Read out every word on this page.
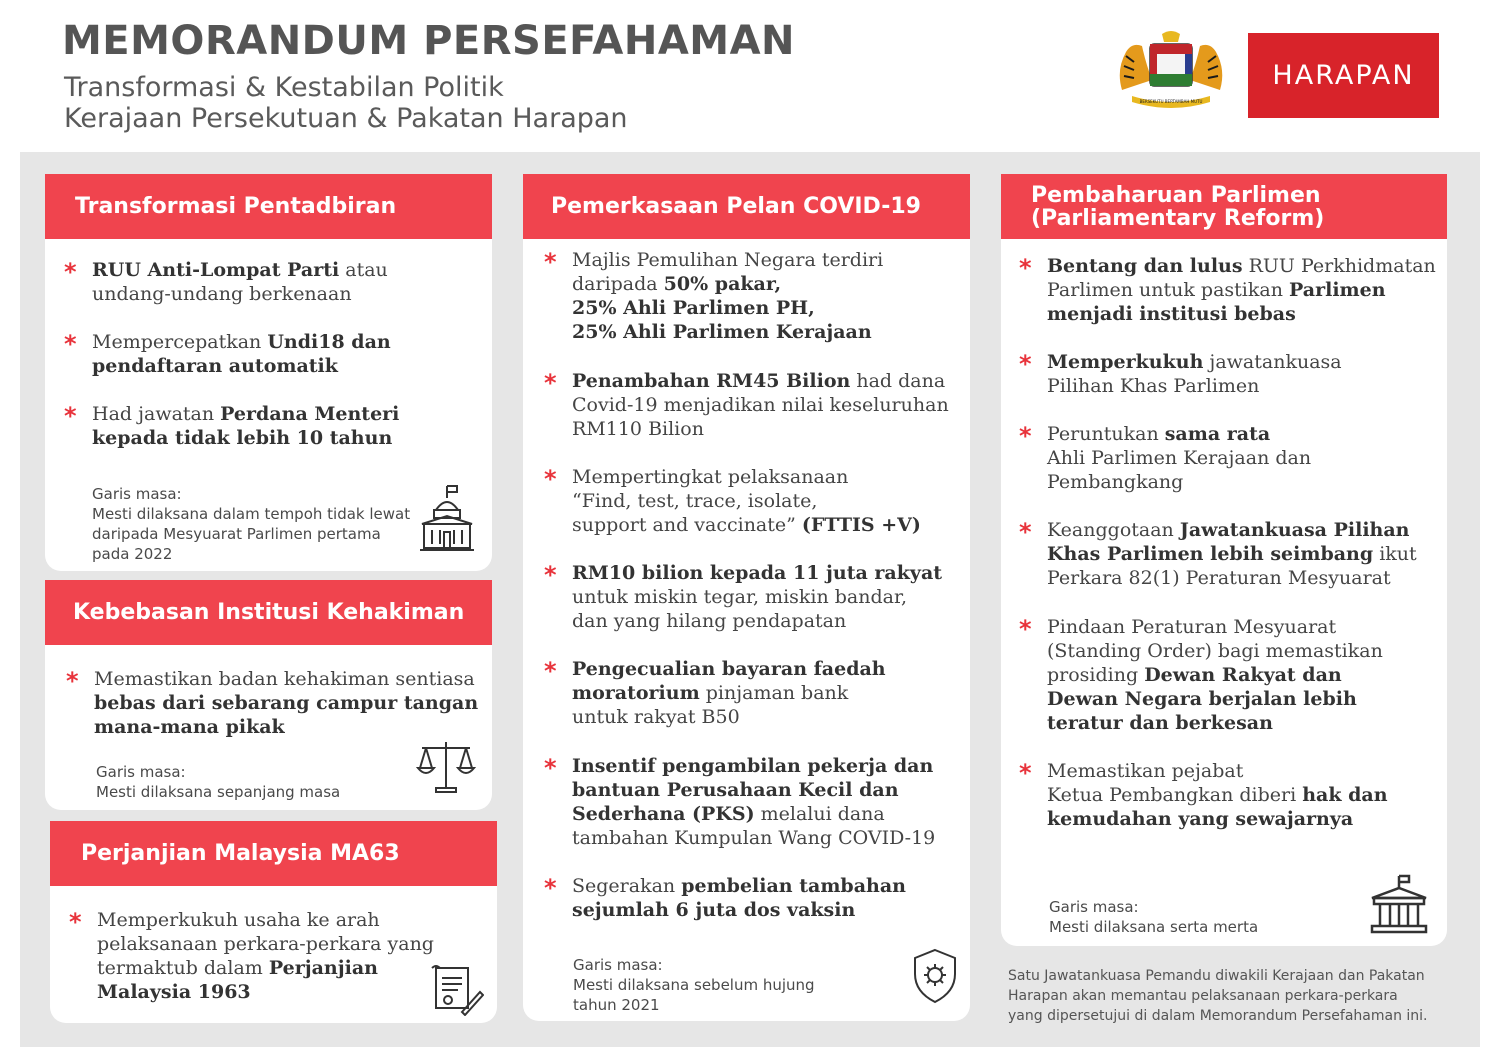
MEMORANDUM PERSEFAHAMAN
Transformasi & Kestabilan Politik
Kerajaan Persekutuan & Pakatan Harapan
BERSEKUTU BERTAMBAH MUTU
HARAPAN
Transformasi Pentadbiran
* RUU Anti-Lompat Parti atau
undang-undang berkenaan
* Mempercepatkan Undi18 dan
pendaftaran automatik
* Had jawatan Perdana Menteri
kepada tidak lebih 10 tahun
Garis masa:
Mesti dilaksana dalam tempoh tidak lewat
daripada Mesyuarat Parlimen pertama
pada 2022
Kebebasan Institusi Kehakiman
* Memastikan badan kehakiman sentiasa
bebas dari sebarang campur tangan
mana-mana pikak
Garis masa:
Mesti dilaksana sepanjang masa
Perjanjian Malaysia MA63
* Memperkukuh usaha ke arah
pelaksanaan perkara-perkara yang
termaktub dalam Perjanjian
Malaysia 1963
Pemerkasaan Pelan COVID-19
* Majlis Pemulihan Negara terdiri
daripada 50% pakar,
25% Ahli Parlimen PH,
25% Ahli Parlimen Kerajaan
* Penambahan RM45 Bilion had dana
Covid-19 menjadikan nilai keseluruhan
RM110 Bilion
* Mempertingkat pelaksanaan
“Find, test, trace, isolate,
support and vaccinate” (FTTIS +V)
* RM10 bilion kepada 11 juta rakyat
untuk miskin tegar, miskin bandar,
dan yang hilang pendapatan
* Pengecualian bayaran faedah
moratorium pinjaman bank
untuk rakyat B50
* Insentif pengambilan pekerja dan
bantuan Perusahaan Kecil dan
Sederhana (PKS) melalui dana
tambahan Kumpulan Wang COVID-19
* Segerakan pembelian tambahan
sejumlah 6 juta dos vaksin
Garis masa:
Mesti dilaksana sebelum hujung
tahun 2021
Pembaharuan Parlimen
(Parliamentary Reform)
* Bentang dan lulus RUU Perkhidmatan
Parlimen untuk pastikan Parlimen
menjadi institusi bebas
* Memperkukuh jawatankuasa
Pilihan Khas Parlimen
* Peruntukan sama rata
Ahli Parlimen Kerajaan dan
Pembangkang
* Keanggotaan Jawatankuasa Pilihan
Khas Parlimen lebih seimbang ikut
Perkara 82(1) Peraturan Mesyuarat
* Pindaan Peraturan Mesyuarat
(Standing Order) bagi memastikan
prosiding Dewan Rakyat dan
Dewan Negara berjalan lebih
teratur dan berkesan
* Memastikan pejabat
Ketua Pembangkan diberi hak dan
kemudahan yang sewajarnya
Garis masa:
Mesti dilaksana serta merta
Satu Jawatankuasa Pemandu diwakili Kerajaan dan Pakatan
Harapan akan memantau pelaksanaan perkara-perkara
yang dipersetujui di dalam Memorandum Persefahaman ini.
